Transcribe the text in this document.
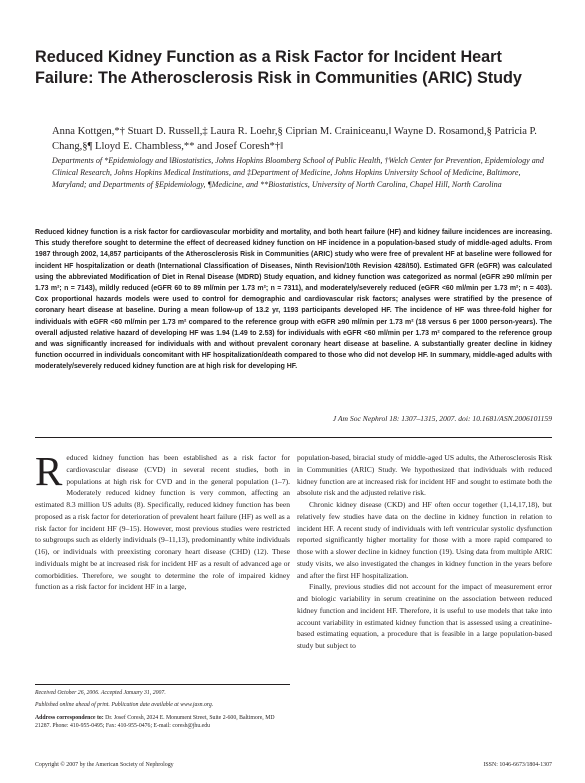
Reduced Kidney Function as a Risk Factor for Incident Heart Failure: The Atherosclerosis Risk in Communities (ARIC) Study
Anna Kottgen,*† Stuart D. Russell,‡ Laura R. Loehr,§ Ciprian M. Crainiceanu,‖ Wayne D. Rosamond,§ Patricia P. Chang,§¶ Lloyd E. Chambless,** and Josef Coresh*†‖
Departments of *Epidemiology and ‖Biostatistics, Johns Hopkins Bloomberg School of Public Health, †Welch Center for Prevention, Epidemiology and Clinical Research, Johns Hopkins Medical Institutions, and ‡Department of Medicine, Johns Hopkins University School of Medicine, Baltimore, Maryland; and Departments of §Epidemiology, ¶Medicine, and **Biostatistics, University of North Carolina, Chapel Hill, North Carolina
Reduced kidney function is a risk factor for cardiovascular morbidity and mortality, and both heart failure (HF) and kidney failure incidences are increasing. This study therefore sought to determine the effect of decreased kidney function on HF incidence in a population-based study of middle-aged adults. From 1987 through 2002, 14,857 participants of the Atherosclerosis Risk in Communities (ARIC) study who were free of prevalent HF at baseline were followed for incident HF hospitalization or death (International Classification of Diseases, Ninth Revision/10th Revision 428/I50). Estimated GFR (eGFR) was calculated using the abbreviated Modification of Diet in Renal Disease (MDRD) Study equation, and kidney function was categorized as normal (eGFR ≥90 ml/min per 1.73 m²; n = 7143), mildly reduced (eGFR 60 to 89 ml/min per 1.73 m²; n = 7311), and moderately/severely reduced (eGFR <60 ml/min per 1.73 m²; n = 403). Cox proportional hazards models were used to control for demographic and cardiovascular risk factors; analyses were stratified by the presence of coronary heart disease at baseline. During a mean follow-up of 13.2 yr, 1193 participants developed HF. The incidence of HF was three-fold higher for individuals with eGFR <60 ml/min per 1.73 m² compared to the reference group with eGFR ≥90 ml/min per 1.73 m² (18 versus 6 per 1000 person-years). The overall adjusted relative hazard of developing HF was 1.94 (1.49 to 2.53) for individuals with eGFR <60 ml/min per 1.73 m² compared to the reference group and was significantly increased for individuals with and without prevalent coronary heart disease at baseline. A substantially greater decline in kidney function occurred in individuals concomitant with HF hospitalization/death compared to those who did not develop HF. In summary, middle-aged adults with moderately/severely reduced kidney function are at high risk for developing HF.
J Am Soc Nephrol 18: 1307–1315, 2007. doi: 10.1681/ASN.2006101159

Reduced kidney function has been established as a risk factor for cardiovascular disease (CVD) in several recent studies, both in populations at high risk for CVD and in the general population (1–7). Moderately reduced kidney function is very common, affecting an estimated 8.3 million US adults (8). Specifically, reduced kidney function has been proposed as a risk factor for deterioration of prevalent heart failure (HF) as well as a risk factor for incident HF (9–15). However, most previous studies were restricted to subgroups such as elderly individuals (9–11,13), predominantly white individuals (16), or individuals with preexisting coronary heart disease (CHD) (12). These individuals might be at increased risk for incident HF as a result of advanced age or comorbidities. Therefore, we sought to determine the role of impaired kidney function as a risk factor for incident HF in a large,

population-based, biracial study of middle-aged US adults, the Atherosclerosis Risk in Communities (ARIC) Study. We hypothesized that individuals with reduced kidney function are at increased risk for incident HF and sought to estimate both the absolute risk and the adjusted relative risk.

Chronic kidney disease (CKD) and HF often occur together (1,14,17,18), but relatively few studies have data on the decline in kidney function in relation to incident HF. A recent study of individuals with left ventricular systolic dysfunction reported significantly higher mortality for those with a more rapid compared to those with a slower decline in kidney function (19). Using data from multiple ARIC study visits, we also investigated the changes in kidney function in the years before and after the first HF hospitalization.

Finally, previous studies did not account for the impact of measurement error and biologic variability in serum creatinine on the association between reduced kidney function and incident HF. Therefore, it is useful to use models that take into account variability in estimated kidney function that is assessed using a creatinine-based estimating equation, a procedure that is feasible in a large population-based study but subject to

Received October 26, 2006. Accepted January 31, 2007.
Published online ahead of print. Publication date available at www.jasn.org.
Address correspondence to: Dr. Josef Coresh, 2024 E. Monument Street, Suite 2-600, Baltimore, MD 21287. Phone: 410-955-0495; Fax: 410-955-0476; E-mail: coresh@jhu.edu
Copyright © 2007 by the American Society of Nephrology	ISSN: 1046-6673/1804-1307
